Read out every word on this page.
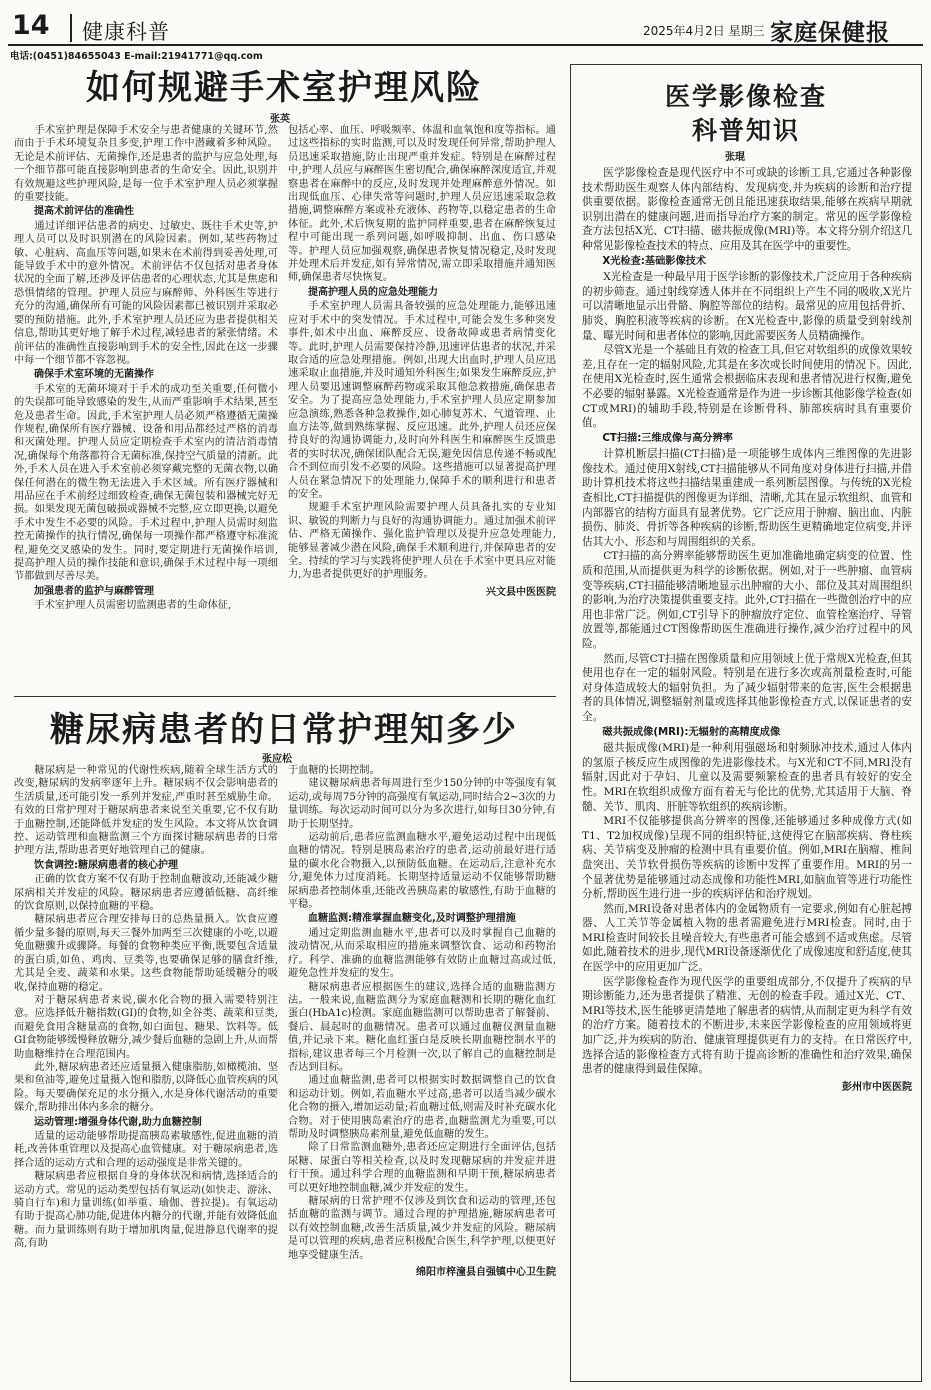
14 健康科普	2025年4月2日 星期三 家庭保健报
电话:(0451)84655043 E-mail:21941771@qq.com
如何规避手术室护理风险
张英

手术室护理是保障手术安全与患者健康的关键环节,然而由于手术环境复杂且多变,护理工作中潜藏着多种风险。无论是术前评估、无菌操作,还是患者的监护与应急处理,每一个细节都可能直接影响到患者的生命安全。因此,识别并有效规避这些护理风险,是每一位手术室护理人员必须掌握的重要技能。

提高术前评估的准确性

通过详细评估患者的病史、过敏史、既往手术史等,护理人员可以及时识别潜在的风险因素。例如,某些药物过敏、心脏病、高血压等问题,如果未在术前得到妥善处理,可能导致手术中的意外情况。术前评估不仅包括对患者身体状况的全面了解,还涉及评估患者的心理状态,尤其是焦虑和恐惧情绪的管理。护理人员应与麻醉师、外科医生等进行充分的沟通,确保所有可能的风险因素都已被识别并采取必要的预防措施。此外,手术室护理人员还应为患者提供相关信息,帮助其更好地了解手术过程,减轻患者的紧张情绪。术前评估的准确性直接影响到手术的安全性,因此在这一步骤中每一个细节都不容忽视。

确保手术室环境的无菌操作

手术室的无菌环境对于手术的成功至关重要,任何微小的失误都可能导致感染的发生,从而严重影响手术结果,甚至危及患者生命。因此,手术室护理人员必须严格遵循无菌操作规程,确保所有医疗器械、设备和用品都经过严格的消毒和灭菌处理。护理人员应定期检查手术室内的清洁消毒情况,确保每个角落都符合无菌标准,保持空气质量的清新。此外,手术人员在进入手术室前必须穿戴完整的无菌衣物,以确保任何潜在的微生物无法进入手术区域。所有医疗器械和用品应在手术前经过细致检查,确保无菌包装和器械完好无损。如果发现无菌包破损或器械不完整,应立即更换,以避免手术中发生不必要的风险。手术过程中,护理人员需时刻监控无菌操作的执行情况,确保每一项操作都严格遵守标准流程,避免交叉感染的发生。同时,要定期进行无菌操作培训,提高护理人员的操作技能和意识,确保手术过程中每一项细节都做到尽善尽美。

加强患者的监护与麻醉管理

手术室护理人员需密切监测患者的生命体征,

包括心率、血压、呼吸频率、体温和血氧饱和度等指标。通过这些指标的实时监测,可以及时发现任何异常,帮助护理人员迅速采取措施,防止出现严重并发症。特别是在麻醉过程中,护理人员应与麻醉医生密切配合,确保麻醉深度适宜,并观察患者在麻醉中的反应,及时发现并处理麻醉意外情况。如出现低血压、心律失常等问题时,护理人员应迅速采取急救措施,调整麻醉方案或补充液体、药物等,以稳定患者的生命体征。此外,术后恢复期的监护同样重要,患者在麻醉恢复过程中可能出现一系列问题,如呼吸抑制、出血、伤口感染等。护理人员应加强观察,确保患者恢复情况稳定,及时发现并处理术后并发症,如有异常情况,需立即采取措施并通知医师,确保患者尽快恢复。

提高护理人员的应急处理能力

手术室护理人员需具备较强的应急处理能力,能够迅速应对手术中的突发情况。手术过程中,可能会发生多种突发事件,如术中出血、麻醉反应、设备故障或患者病情变化等。此时,护理人员需要保持冷静,迅速评估患者的状况,并采取合适的应急处理措施。例如,出现大出血时,护理人员应迅速采取止血措施,并及时通知外科医生;如果发生麻醉反应,护理人员要迅速调整麻醉药物或采取其他急救措施,确保患者安全。为了提高应急处理能力,手术室护理人员应定期参加应急演练,熟悉各种急救操作,如心肺复苏术、气道管理、止血方法等,做到熟练掌握、反应迅速。此外,护理人员还应保持良好的沟通协调能力,及时向外科医生和麻醉医生反馈患者的实时状况,确保团队配合无误,避免因信息传递不畅或配合不到位而引发不必要的风险。这些措施可以显著提高护理人员在紧急情况下的处理能力,保障手术的顺利进行和患者的安全。

规避手术室护理风险需要护理人员具备扎实的专业知识、敏锐的判断力与良好的沟通协调能力。通过加强术前评估、严格无菌操作、强化监护管理以及提升应急处理能力,能够显著减少潜在风险,确保手术顺利进行,并保障患者的安全。持续的学习与实践将使护理人员在手术室中更具应对能力,为患者提供更好的护理服务。

兴文县中医医院
糖尿病患者的日常护理知多少
张应松

糖尿病是一种常见的代谢性疾病,随着全球生活方式的改变,糖尿病的发病率逐年上升。糖尿病不仅会影响患者的生活质量,还可能引发一系列并发症,严重时甚至威胁生命。有效的日常护理对于糖尿病患者来说至关重要,它不仅有助于血糖控制,还能降低并发症的发生风险。本文将从饮食调控、运动管理和血糖监测三个方面探讨糖尿病患者的日常护理方法,帮助患者更好地管理自己的健康。

饮食调控:糖尿病患者的核心护理

正确的饮食方案不仅有助于控制血糖波动,还能减少糖尿病相关并发症的风险。糖尿病患者应遵循低糖、高纤维的饮食原则,以保持血糖的平稳。

糖尿病患者应合理安排每日的总热量摄入。饮食应遵循少量多餐的原则,每天三餐外加两至三次健康的小吃,以避免血糖骤升或骤降。每餐的食物种类应平衡,既要包含适量的蛋白质,如鱼、鸡肉、豆类等,也要确保足够的膳食纤维,尤其是全麦、蔬菜和水果。这些食物能帮助延缓糖分的吸收,保持血糖的稳定。

对于糖尿病患者来说,碳水化合物的摄入需要特别注意。应选择低升糖指数(GI)的食物,如全谷类、蔬菜和豆类,而避免食用含糖量高的食物,如白面包、糖果、饮料等。低GI食物能够缓慢释放糖分,减少餐后血糖的急剧上升,从而帮助血糖维持在合理范围内。

此外,糖尿病患者还应适量摄入健康脂肪,如橄榄油、坚果和鱼油等,避免过量摄入饱和脂肪,以降低心血管疾病的风险。每天要确保充足的水分摄入,水是身体代谢活动的重要媒介,帮助排出体内多余的糖分。

运动管理:增强身体代谢,助力血糖控制

适量的运动能够帮助提高胰岛素敏感性,促进血糖的消耗,改善体重管理以及提高心血管健康。对于糖尿病患者,选择合适的运动方式和合理的运动强度是非常关键的。

糖尿病患者应根据自身的身体状况和病情,选择适合的运动方式。常见的运动类型包括有氧运动(如快走、游泳、骑自行车)和力量训练(如举重、瑜伽、普拉提)。有氧运动有助于提高心肺功能,促进体内糖分的代谢,并能有效降低血糖。而力量训练则有助于增加肌肉量,促进静息代谢率的提高,有助

于血糖的长期控制。

建议糖尿病患者每周进行至少150分钟的中等强度有氧运动,或每周75分钟的高强度有氧运动,同时结合2~3次的力量训练。每次运动时间可以分为多次进行,如每日30分钟,有助于长期坚持。

运动前后,患者应监测血糖水平,避免运动过程中出现低血糖的情况。特别是胰岛素治疗的患者,运动前最好进行适量的碳水化合物摄入,以预防低血糖。在运动后,注意补充水分,避免体力过度消耗。长期坚持适量运动不仅能够帮助糖尿病患者控制体重,还能改善胰岛素的敏感性,有助于血糖的平稳。

血糖监测:精准掌握血糖变化,及时调整护理措施

通过定期监测血糖水平,患者可以及时掌握自己血糖的波动情况,从而采取相应的措施来调整饮食、运动和药物治疗。科学、准确的血糖监测能够有效防止血糖过高或过低,避免急性并发症的发生。

糖尿病患者应根据医生的建议,选择合适的血糖监测方法。一般来说,血糖监测分为家庭血糖测和长期的糖化血红蛋白(HbA1c)检测。家庭血糖监测可以帮助患者了解餐前、餐后、晨起时的血糖情况。患者可以通过血糖仪测量血糖值,并记录下来。糖化血红蛋白是反映长期血糖控制水平的指标,建议患者每三个月检测一次,以了解自己的血糖控制是否达到目标。

通过血糖监测,患者可以根据实时数据调整自己的饮食和运动计划。例如,若血糖水平过高,患者可以适当减少碳水化合物的摄入,增加运动量;若血糖过低,则需及时补充碳水化合物。对于使用胰岛素治疗的患者,血糖监测尤为重要,可以帮助及时调整胰岛素剂量,避免低血糖的发生。

除了日常监测血糖外,患者还应定期进行全面评估,包括尿糖、尿蛋白等相关检查,以及时发现糖尿病的并发症并进行干预。通过科学合理的血糖监测和早期干预,糖尿病患者可以更好地控制血糖,减少并发症的发生。

糖尿病的日常护理不仅涉及到饮食和运动的管理,还包括血糖的监测与调节。通过合理的护理措施,糖尿病患者可以有效控制血糖,改善生活质量,减少并发症的风险。糖尿病是可以管理的疾病,患者应积极配合医生,科学护理,以便更好地享受健康生活。

绵阳市梓潼县自强镇中心卫生院
医学影像检查
科普知识
张琨

医学影像检查是现代医疗中不可或缺的诊断工具,它通过各种影像技术帮助医生观察人体内部结构、发现病变,并为疾病的诊断和治疗提供重要依据。影像检查通常无创且能迅速获取结果,能够在疾病早期就识别出潜在的健康问题,进而指导治疗方案的制定。常见的医学影像检查方法包括X光、CT扫描、磁共振成像(MRI)等。本文将分别介绍这几种常见影像检查技术的特点、应用及其在医学中的重要性。

X光检查:基础影像技术

X光检查是一种最早用于医学诊断的影像技术,广泛应用于各种疾病的初步筛查。通过射线穿透人体并在不同组织上产生不同的吸收,X光片可以清晰地显示出骨骼、胸腔等部位的结构。最常见的应用包括骨折、肺炎、胸腔积液等疾病的诊断。在X光检查中,影像的质量受到射线剂量、曝光时间和患者体位的影响,因此需要医务人员精确操作。

尽管X光是一个基础且有效的检查工具,但它对软组织的成像效果较差,且存在一定的辐射风险,尤其是在多次或长时间使用的情况下。因此,在使用X光检查时,医生通常会根据临床表现和患者情况进行权衡,避免不必要的辐射暴露。X光检查通常是作为进一步诊断其他影像学检查(如CT或MRI)的辅助手段,特别是在诊断骨科、肺部疾病时具有重要价值。

CT扫描:三维成像与高分辨率

计算机断层扫描(CT扫描)是一项能够生成体内三维图像的先进影像技术。通过使用X射线,CT扫描能够从不同角度对身体进行扫描,并借助计算机技术将这些扫描结果重建成一系列断层图像。与传统的X光检查相比,CT扫描提供的图像更为详细、清晰,尤其在显示软组织、血管和内部器官的结构方面具有显著优势。它广泛应用于肿瘤、脑出血、内脏损伤、肺炎、骨折等各种疾病的诊断,帮助医生更精确地定位病变,并评估其大小、形态和与周围组织的关系。

CT扫描的高分辨率能够帮助医生更加准确地确定病变的位置、性质和范围,从而提供更为科学的诊断依据。例如,对于一些肿瘤、血管病变等疾病,CT扫描能够清晰地显示出肿瘤的大小、部位及其对周围组织的影响,为治疗决策提供重要支持。此外,CT扫描在一些微创治疗中的应用也非常广泛。例如,CT引导下的肿瘤放疗定位、血管栓塞治疗、导管放置等,都能通过CT图像帮助医生准确进行操作,减少治疗过程中的风险。

然而,尽管CT扫描在图像质量和应用领域上优于常规X光检查,但其使用也存在一定的辐射风险。特别是在进行多次或高剂量检查时,可能对身体造成较大的辐射负担。为了减少辐射带来的危害,医生会根据患者的具体情况,调整辐射剂量或选择其他影像检查方式,以保证患者的安全。

磁共振成像(MRI):无辐射的高精度成像

磁共振成像(MRI)是一种利用强磁场和射频脉冲技术,通过人体内的氢原子核反应生成图像的先进影像技术。与X光和CT不同,MRI没有辐射,因此对于孕妇、儿童以及需要频繁检查的患者具有较好的安全性。MRI在软组织成像方面有着无与伦比的优势,尤其适用于大脑、脊髓、关节、肌肉、肝脏等软组织的疾病诊断。

MRI不仅能够提供高分辨率的图像,还能够通过多种成像方式(如T1、T2加权成像)呈现不同的组织特征,这使得它在脑部疾病、脊柱疾病、关节病变及肿瘤的检测中具有重要价值。例如,MRI在脑瘤、椎间盘突出、关节软骨损伤等疾病的诊断中发挥了重要作用。MRI的另一个显著优势是能够通过动态成像和功能性MRI,如脑血管等进行功能性分析,帮助医生进行进一步的疾病评估和治疗规划。

然而,MRI设备对患者体内的金属物质有一定要求,例如有心脏起搏器、人工关节等金属植入物的患者需避免进行MRI检查。同时,由于MRI检查时间较长且噪音较大,有些患者可能会感到不适或焦虑。尽管如此,随着技术的进步,现代MRI设备逐渐优化了成像速度和舒适度,使其在医学中的应用更加广泛。

医学影像检查作为现代医学的重要组成部分,不仅提升了疾病的早期诊断能力,还为患者提供了精准、无创的检查手段。通过X光、CT、MRI等技术,医生能够更清楚地了解患者的病情,从而制定更为科学有效的治疗方案。随着技术的不断进步,未来医学影像检查的应用领域将更加广泛,并为疾病的防治、健康管理提供更有力的支持。在日常医疗中,选择合适的影像检查方式将有助于提高诊断的准确性和治疗效果,确保患者的健康得到最佳保障。

彭州市中医医院
